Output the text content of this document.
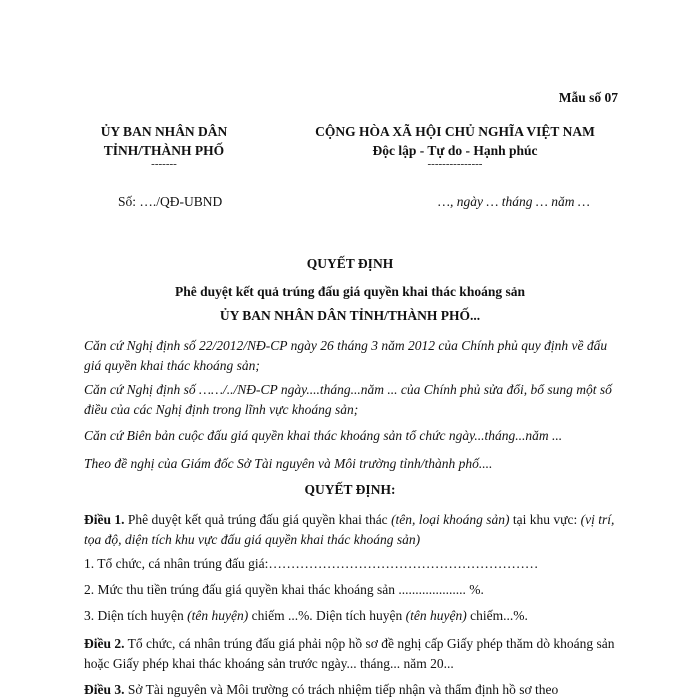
Mẫu số 07
ỦY BAN NHÂN DÂN
TỈNH/THÀNH PHỐ
-------
Số: …./QĐ-UBND
CỘNG HÒA XÃ HỘI CHỦ NGHĨA VIỆT NAM
Độc lập - Tự do - Hạnh phúc
---------------
…, ngày … tháng … năm …
QUYẾT ĐỊNH
Phê duyệt kết quả trúng đấu giá quyền khai thác khoáng sản
ỦY BAN NHÂN DÂN TỈNH/THÀNH PHỐ...
Căn cứ Nghị định số 22/2012/NĐ-CP ngày 26 tháng 3 năm 2012 của Chính phủ quy định về đấu giá quyền khai thác khoáng sản;
Căn cứ Nghị định số ……/../NĐ-CP ngày....tháng...năm ... của Chính phủ sửa đổi, bổ sung một số điều của các Nghị định trong lĩnh vực khoáng sản;
Căn cứ Biên bản cuộc đấu giá quyền khai thác khoáng sản tổ chức ngày...tháng...năm ...
Theo đề nghị của Giám đốc Sở Tài nguyên và Môi trường tỉnh/thành phố....
QUYẾT ĐỊNH:
Điều 1. Phê duyệt kết quả trúng đấu giá quyền khai thác (tên, loại khoáng sản) tại khu vực: (vị trí, tọa độ, diện tích khu vực đấu giá quyền khai thác khoáng sản)
1. Tổ chức, cá nhân trúng đấu giá:……………………………………………………
2. Mức thu tiền trúng đấu giá quyền khai thác khoáng sản .................... %.
3. Diện tích huyện (tên huyện) chiếm ...%. Diện tích huyện (tên huyện) chiếm...%.
Điều 2. Tổ chức, cá nhân trúng đấu giá phải nộp hồ sơ đề nghị cấp Giấy phép thăm dò khoáng sản hoặc Giấy phép khai thác khoáng sản trước ngày... tháng... năm 20...
Điều 3. Sở Tài nguyên và Môi trường có trách nhiệm tiếp nhận và thẩm định hồ sơ theo
